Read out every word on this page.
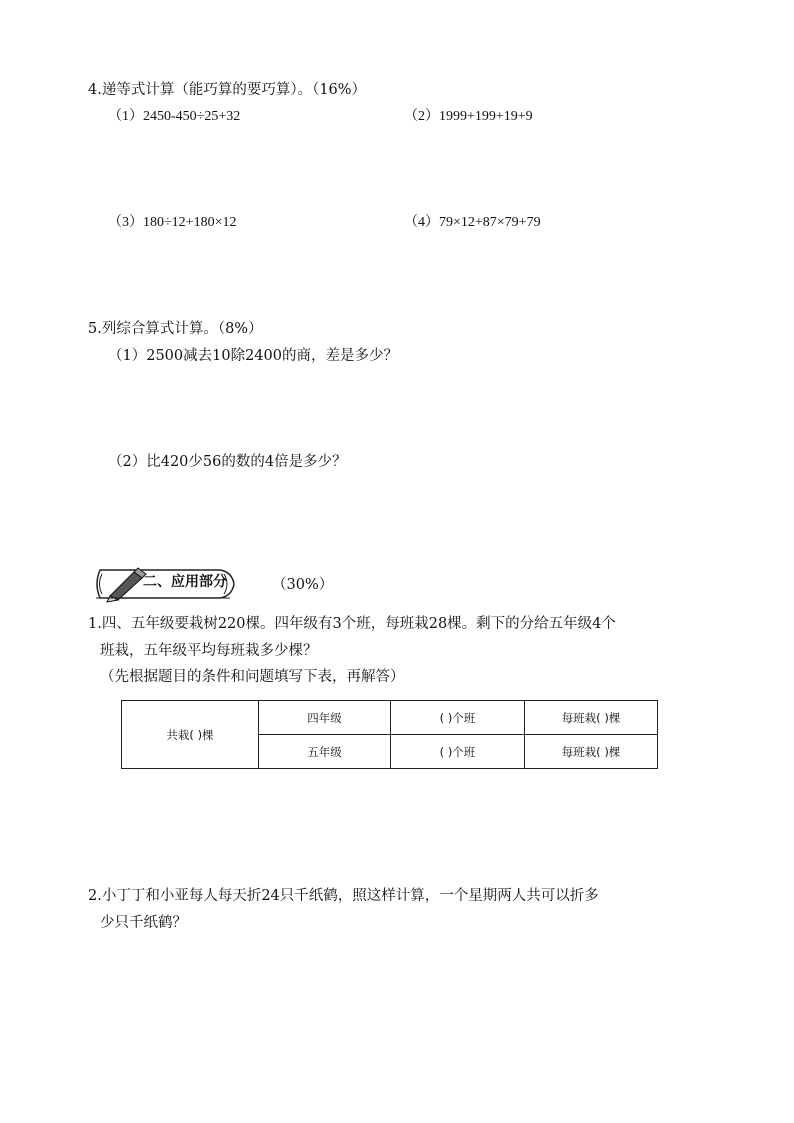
4.递等式计算（能巧算的要巧算）。（16%）
（1）2450-450÷25+32	（2）1999+199+19+9
（3）180÷12+180×12	（4）79×12+87×79+79
5.列综合算式计算。（8%）
（1）2500减去10除2400的商，差是多少？
（2）比420少56的数的4倍是多少？
二、应用部分	（30%）
1.四、五年级要栽树220棵。四年级有3个班，每班栽28棵。剩下的分给五年级4个
班栽，五年级平均每班栽多少棵？
（先根据题目的条件和问题填写下表，再解答）
共栽( )棵	四年级	( )个班	每班栽( )棵
	五年级	( )个班	每班栽( )棵
2.小丁丁和小亚每人每天折24只千纸鹤，照这样计算，一个星期两人共可以折多
少只千纸鹤？
